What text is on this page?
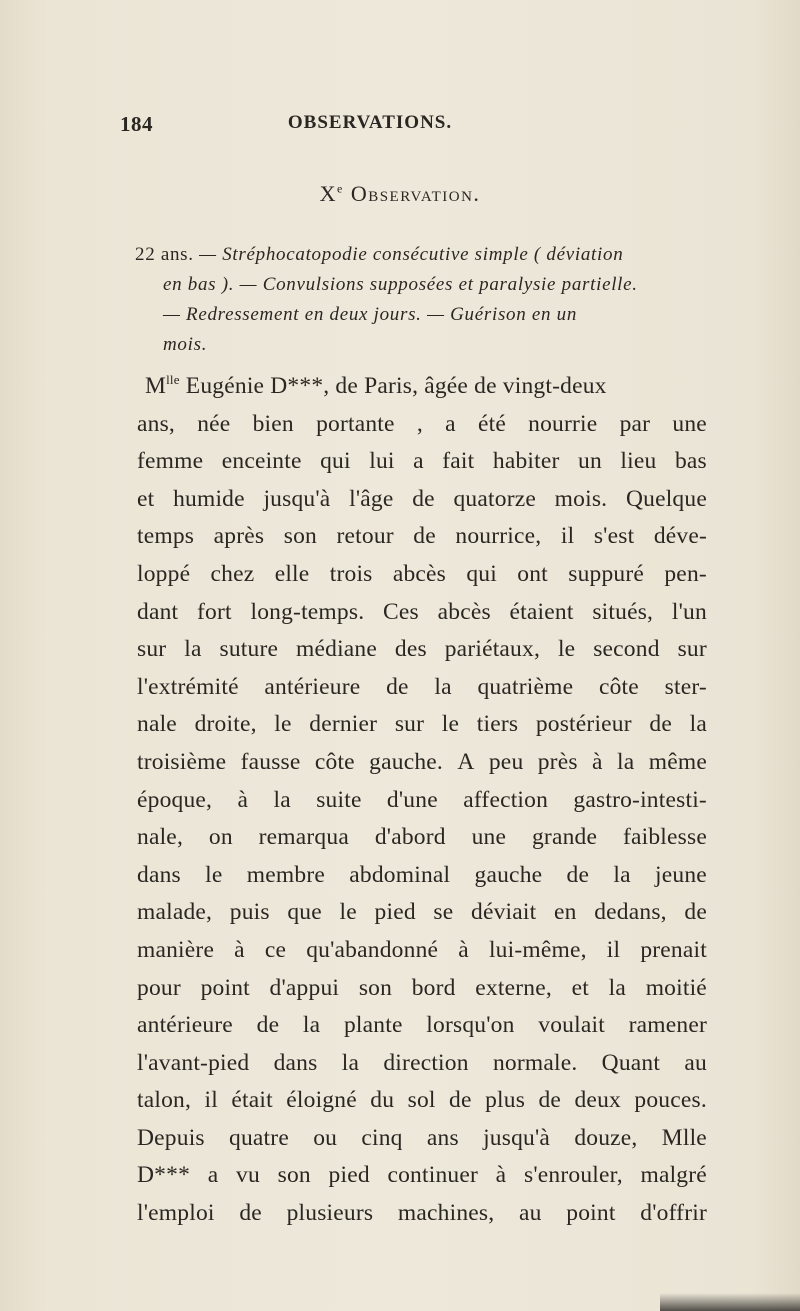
184	OBSERVATIONS.
Xe Observation.
22 ans. — Stréphocatopodie consécutive simple ( déviation
en bas ). — Convulsions supposées et paralysie partielle.
— Redressement en deux jours. — Guérison en un
mois.
$M^{lle}$ Eugénie D***, de Paris, âgée de vingt-deux
ans, née bien portante , a été nourrie par une
femme enceinte qui lui a fait habiter un lieu bas
et humide jusqu'à l'âge de quatorze mois. Quelque
temps après son retour de nourrice, il s'est déve-
loppé chez elle trois abcès qui ont suppuré pen-
dant fort long-temps. Ces abcès étaient situés, l'un
sur la suture médiane des pariétaux, le second sur
l'extrémité antérieure de la quatrième côte ster-
nale droite, le dernier sur le tiers postérieur de la
troisième fausse côte gauche. A peu près à la même
époque, à la suite d'une affection gastro-intesti-
nale, on remarqua d'abord une grande faiblesse
dans le membre abdominal gauche de la jeune
malade, puis que le pied se déviait en dedans, de
manière à ce qu'abandonné à lui-même, il prenait
pour point d'appui son bord externe, et la moitié
antérieure de la plante lorsqu'on voulait ramener
l'avant-pied dans la direction normale. Quant au
talon, il était éloigné du sol de plus de deux pouces.
Depuis quatre ou cinq ans jusqu'à douze, Mlle
D*** a vu son pied continuer à s'enrouler, malgré
l'emploi de plusieurs machines, au point d'offrir
